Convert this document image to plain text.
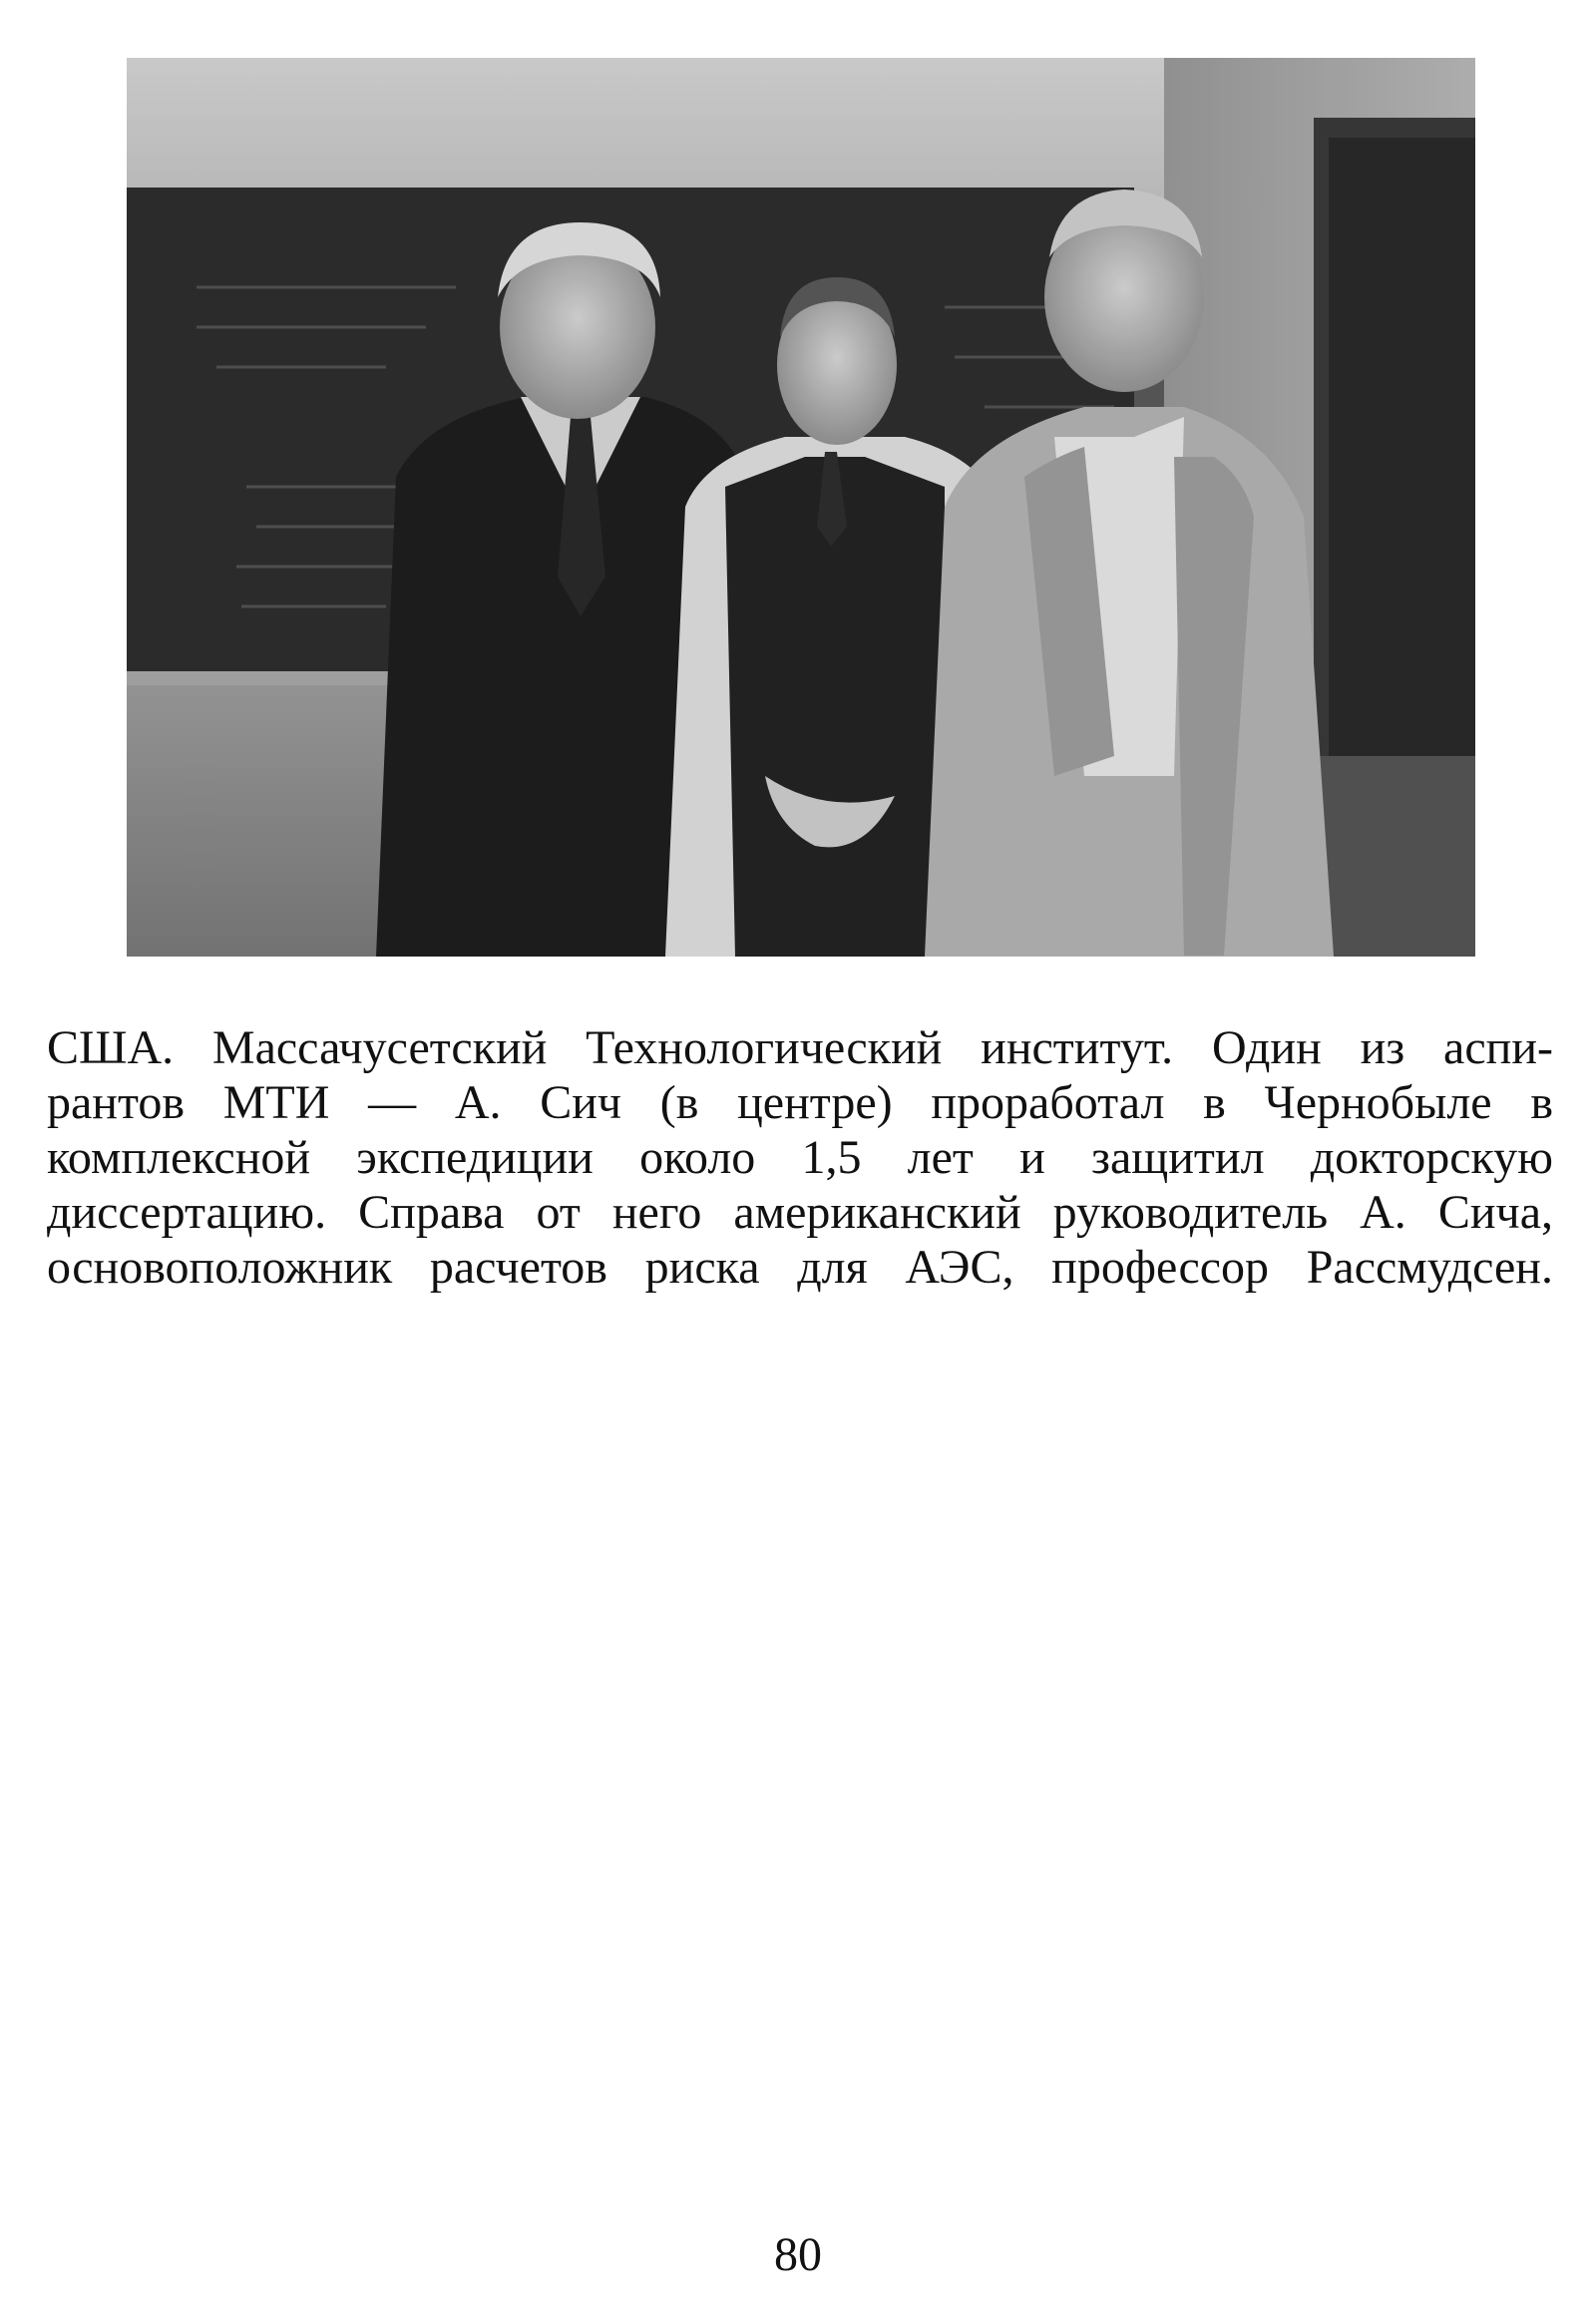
США. Массачусетский Технологический институт. Один из аспи-
рантов МТИ — А. Сич (в центре) проработал в Чернобыле в
комплексной экспедиции около 1,5 лет и защитил докторскую
диссертацию. Справа от него американский руководитель А. Сича,
основоположник расчетов риска для АЭС, профессор Рассмудсен.

80
